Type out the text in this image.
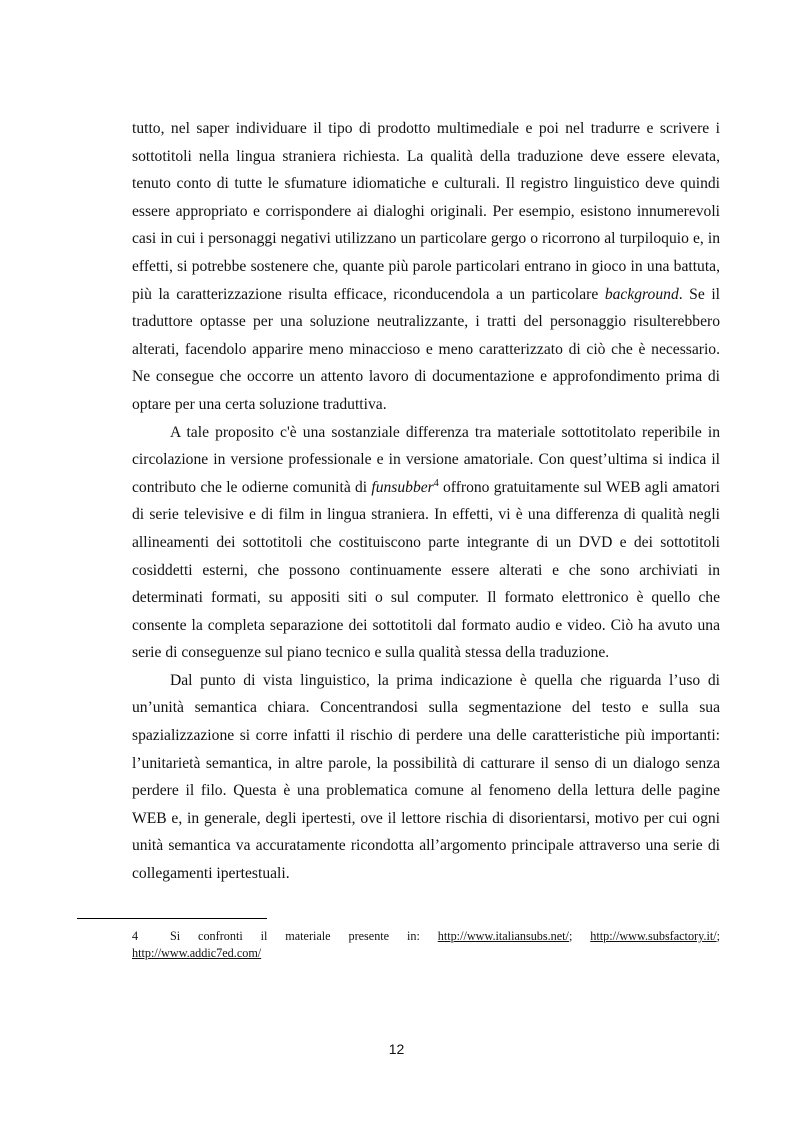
tutto, nel saper individuare il tipo di prodotto multimediale e poi nel tradurre e scrivere i sottotitoli nella lingua straniera richiesta. La qualità della traduzione deve essere elevata, tenuto conto di tutte le sfumature idiomatiche e culturali. Il registro linguistico deve quindi essere appropriato e corrispondere ai dialoghi originali. Per esempio, esistono innumerevoli casi in cui i personaggi negativi utilizzano un particolare gergo o ricorrono al turpiloquio e, in effetti, si potrebbe sostenere che, quante più parole particolari entrano in gioco in una battuta, più la caratterizzazione risulta efficace, riconducendola a un particolare background. Se il traduttore optasse per una soluzione neutralizzante, i tratti del personaggio risulterebbero alterati, facendolo apparire meno minaccioso e meno caratterizzato di ciò che è necessario. Ne consegue che occorre un attento lavoro di documentazione e approfondimento prima di optare per una certa soluzione traduttiva.

A tale proposito c'è una sostanziale differenza tra materiale sottotitolato reperibile in circolazione in versione professionale e in versione amatoriale. Con quest’ultima si indica il contributo che le odierne comunità di funsubber$^4$ offrono gratuitamente sul WEB agli amatori di serie televisive e di film in lingua straniera. In effetti, vi è una differenza di qualità negli allineamenti dei sottotitoli che costituiscono parte integrante di un DVD e dei sottotitoli cosiddetti esterni, che possono continuamente essere alterati e che sono archiviati in determinati formati, su appositi siti o sul computer. Il formato elettronico è quello che consente la completa separazione dei sottotitoli dal formato audio e video. Ciò ha avuto una serie di conseguenze sul piano tecnico e sulla qualità stessa della traduzione.

Dal punto di vista linguistico, la prima indicazione è quella che riguarda l’uso di un’unità semantica chiara. Concentrandosi sulla segmentazione del testo e sulla sua spazializzazione si corre infatti il rischio di perdere una delle caratteristiche più importanti: l’unitarietà semantica, in altre parole, la possibilità di catturare il senso di un dialogo senza perdere il filo. Questa è una problematica comune al fenomeno della lettura delle pagine WEB e, in generale, degli ipertesti, ove il lettore rischia di disorientarsi, motivo per cui ogni unità semantica va accuratamente ricondotta all’argomento principale attraverso una serie di collegamenti ipertestuali.

4	Si confronti il materiale presente in: http://www.italiansubs.net/; http://www.subsfactory.it/; http://www.addic7ed.com/
12
